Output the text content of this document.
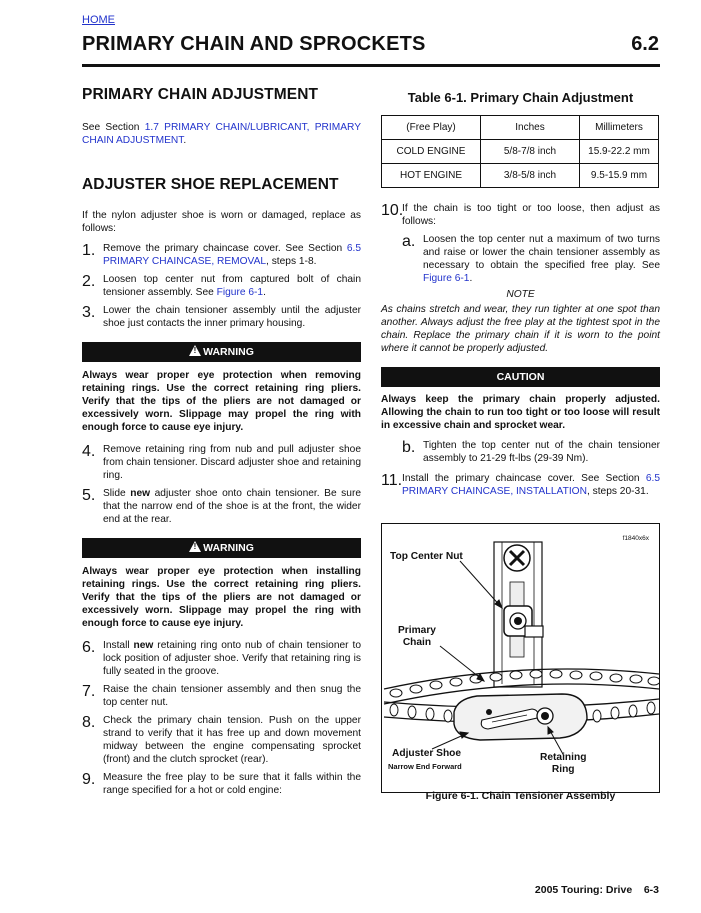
HOME
PRIMARY CHAIN AND SPROCKETS	6.2
PRIMARY CHAIN ADJUSTMENT

See Section 1.7 PRIMARY CHAIN/LUBRICANT, PRIMARY CHAIN ADJUSTMENT.

ADJUSTER SHOE REPLACEMENT

If the nylon adjuster shoe is worn or damaged, replace as follows:

1. Remove the primary chaincase cover. See Section 6.5 PRIMARY CHAINCASE, REMOVAL, steps 1-8.

2. Loosen top center nut from captured bolt of chain tensioner assembly. See Figure 6-1.

3. Lower the chain tensioner assembly until the adjuster shoe just contacts the inner primary housing.

! WARNING

Always wear proper eye protection when removing retaining rings. Use the correct retaining ring pliers. Verify that the tips of the pliers are not damaged or excessively worn. Slippage may propel the ring with enough force to cause eye injury.

4. Remove retaining ring from nub and pull adjuster shoe from chain tensioner. Discard adjuster shoe and retaining ring.

5. Slide new adjuster shoe onto chain tensioner. Be sure that the narrow end of the shoe is at the front, the wider end at the rear.

! WARNING

Always wear proper eye protection when installing retaining rings. Use the correct retaining ring pliers. Verify that the tips of the pliers are not damaged or excessively worn. Slippage may propel the ring with enough force to cause eye injury.

6. Install new retaining ring onto nub of chain tensioner to lock position of adjuster shoe. Verify that retaining ring is fully seated in the groove.

7. Raise the chain tensioner assembly and then snug the top center nut.

8. Check the primary chain tension. Push on the upper strand to verify that it has free up and down movement midway between the engine compensating sprocket (front) and the clutch sprocket (rear).

9. Measure the free play to be sure that it falls within the range specified for a hot or cold engine:

Table 6-1. Primary Chain Adjustment
(Free Play)	Inches	Millimeters
COLD ENGINE	5/8-7/8 inch	15.9-22.2 mm
HOT ENGINE	3/8-5/8 inch	9.5-15.9 mm
10.

If the chain is too tight or too loose, then adjust as follows:

a. Loosen the top center nut a maximum of two turns and raise or lower the chain tensioner assembly as necessary to obtain the specified free play. See Figure 6-1.

NOTE

As chains stretch and wear, they run tighter at one spot than another. Always adjust the free play at the tightest spot in the chain. Replace the primary chain if it is worn to the point where it cannot be properly adjusted.

CAUTION

Always keep the primary chain properly adjusted. Allowing the chain to run too tight or too loose will result in excessive chain and sprocket wear.

b. Tighten the top center nut of the chain tensioner assembly to 21-29 ft-lbs (29-39 Nm).

11. Install the primary chaincase cover. See Section 6.5 PRIMARY CHAINCASE, INSTALLATION, steps 20-31.

f1840x6x
Top Center Nut
Primary
Chain
Adjuster Shoe
Narrow End Forward
Retaining
Ring
Figure 6-1. Chain Tensioner Assembly
2005 Touring: Drive    6-3
